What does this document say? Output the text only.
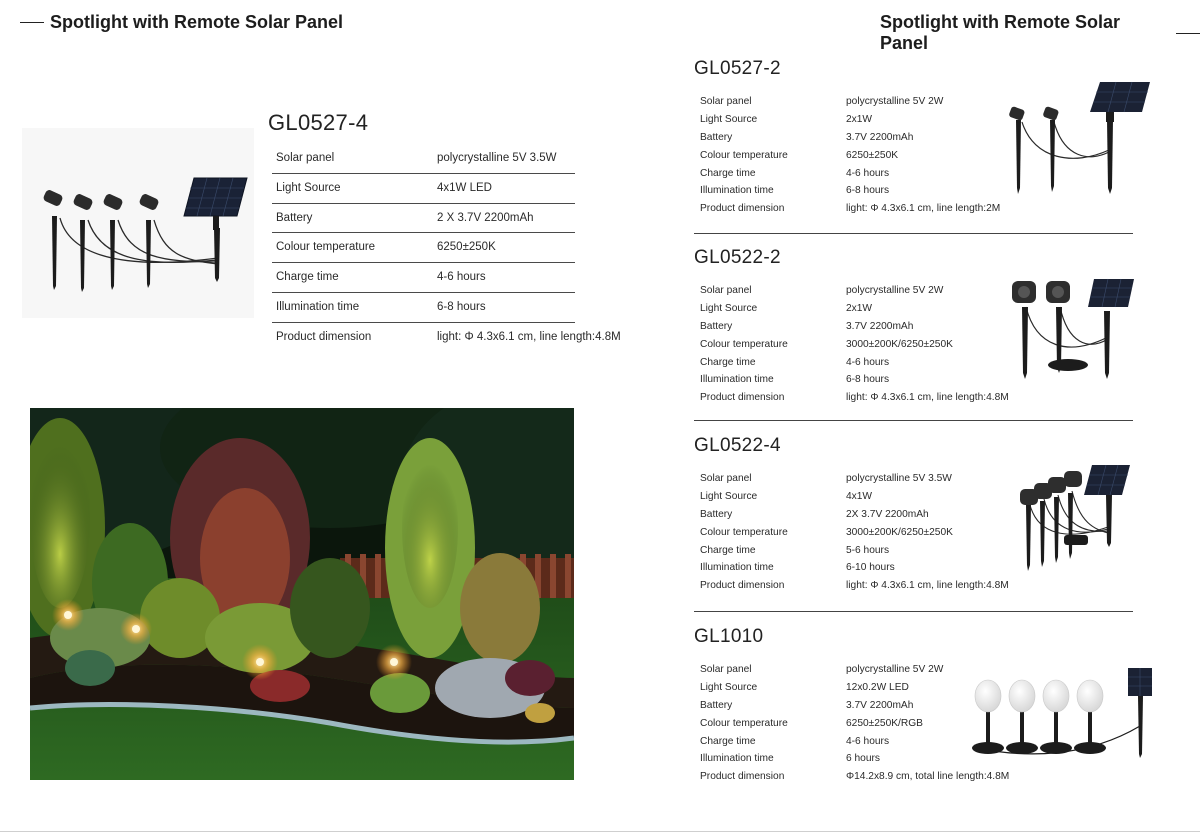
Spotlight with Remote Solar Panel	Spotlight with Remote Solar Panel
GL0527-4
Solar panel	polycrystalline 5V 3.5W
Light Source	4x1W LED
Battery	2 X 3.7V 2200mAh
Colour temperature	6250±250K
Charge time	4-6 hours
Illumination time	6-8 hours
Product dimension	light: Φ 4.3x6.1 cm, line length:4.8M
GL0527-2
Solar panel	polycrystalline 5V 2W
Light Source	2x1W
Battery	3.7V 2200mAh
Colour temperature	6250±250K
Charge time	4-6 hours
Illumination time	6-8 hours
Product dimension	light: Φ 4.3x6.1 cm, line length:2M
GL0522-2
Solar panel	polycrystalline 5V 2W
Light Source	2x1W
Battery	3.7V 2200mAh
Colour temperature	3000±200K/6250±250K
Charge time	4-6 hours
Illumination time	6-8 hours
Product dimension	light: Φ 4.3x6.1 cm, line length:4.8M
GL0522-4
Solar panel	polycrystalline 5V 3.5W
Light Source	4x1W
Battery	2X 3.7V 2200mAh
Colour temperature	3000±200K/6250±250K
Charge time	5-6 hours
Illumination time	6-10 hours
Product dimension	light: Φ 4.3x6.1 cm, line length:4.8M
GL1010
Solar panel	polycrystalline 5V 2W
Light Source	12x0.2W LED
Battery	3.7V 2200mAh
Colour temperature	6250±250K/RGB
Charge time	4-6 hours
Illumination time	6 hours
Product dimension	Φ14.2x8.9 cm, total line length:4.8M
